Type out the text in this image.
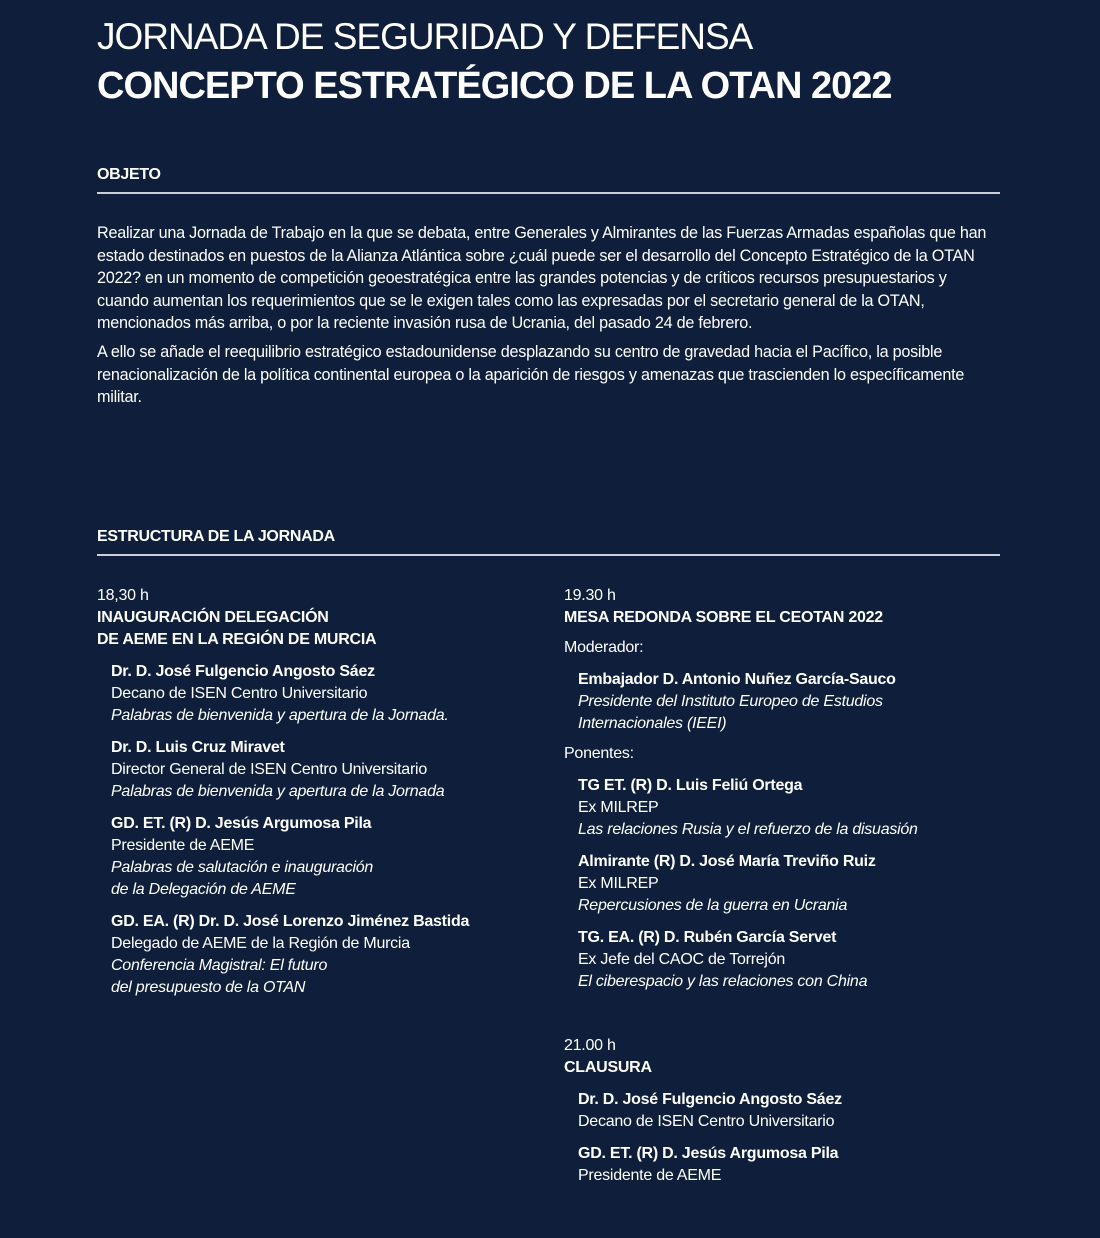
JORNADA DE SEGURIDAD Y DEFENSA
CONCEPTO ESTRATÉGICO DE LA OTAN 2022
OBJETO

Realizar una Jornada de Trabajo en la que se debata, entre Generales y Almirantes de las Fuerzas Armadas españolas que han estado destinados en puestos de la Alianza Atlántica sobre ¿cuál puede ser el desarrollo del Concepto Estratégico de la OTAN 2022? en un momento de competición geoestratégica entre las grandes potencias y de críticos recursos presupuestarios y cuando aumentan los requerimientos que se le exigen tales como las expresadas por el secretario general de la OTAN, mencionados más arriba, o por la reciente invasión rusa de Ucrania, del pasado 24 de febrero.

A ello se añade el reequilibrio estratégico estadounidense desplazando su centro de gravedad hacia el Pacífico, la posible renacionalización de la política continental europea o la aparición de riesgos y amenazas que trascienden lo específicamente militar.

ESTRUCTURA DE LA JORNADA
18,30 h
INAUGURACIÓN DELEGACIÓN
DE AEME EN LA REGIÓN DE MURCIA
Dr. D. José Fulgencio Angosto Sáez
Decano de ISEN Centro Universitario
Palabras de bienvenida y apertura de la Jornada.
Dr. D. Luis Cruz Miravet
Director General de ISEN Centro Universitario
Palabras de bienvenida y apertura de la Jornada
GD. ET. (R) D. Jesús Argumosa Pila
Presidente de AEME
Palabras de salutación e inauguración
de la Delegación de AEME
GD. EA. (R) Dr. D. José Lorenzo Jiménez Bastida
Delegado de AEME de la Región de Murcia
Conferencia Magistral: El futuro
del presupuesto de la OTAN
19.30 h
MESA REDONDA SOBRE EL CEOTAN 2022
Moderador:
Embajador D. Antonio Nuñez García-Sauco
Presidente del Instituto Europeo de Estudios
Internacionales (IEEI)
Ponentes:
TG ET. (R) D. Luis Feliú Ortega
Ex MILREP
Las relaciones Rusia y el refuerzo de la disuasión
Almirante (R) D. José María Treviño Ruiz
Ex MILREP
Repercusiones de la guerra en Ucrania
TG. EA. (R) D. Rubén García Servet
Ex Jefe del CAOC de Torrejón
El ciberespacio y las relaciones con China
21.00 h
CLAUSURA
Dr. D. José Fulgencio Angosto Sáez
Decano de ISEN Centro Universitario
GD. ET. (R) D. Jesús Argumosa Pila
Presidente de AEME
